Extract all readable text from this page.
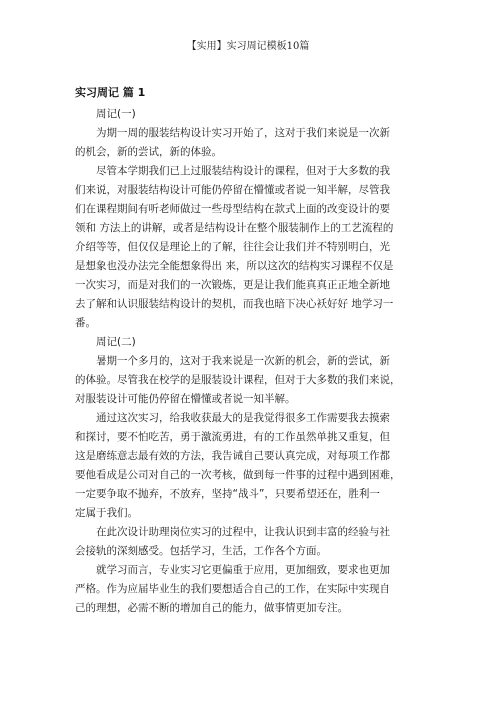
【实用】实习周记模板10篇
实习周记 篇 1
周记(一)
为期一周的服装结构设计实习开始了，这对于我们来说是一次新
的机会，新的尝试，新的体验。
尽管本学期我们已上过服装结构设计的课程，但对于大多数的我
们来说，对服装结构设计可能仍停留在懵懂或者说一知半解，尽管我
们在课程期间有听老师做过一些母型结构在款式上面的改变设计的要
领和 方法上的讲解，或者是结构设计在整个服装制作上的工艺流程的
介绍等等，但仅仅是理论上的了解，往往会让我们并不特别明白，光
是想象也没办法完全能想象得出 来，所以这次的结构实习课程不仅是
一次实习，而是对我们的一次锻炼，更是让我们能真真正正地全新地
去了解和认识服装结构设计的契机，而我也暗下决心袄好好 地学习一
番。
周记(二)
暑期一个多月的，这对于我来说是一次新的机会，新的尝试，新
的体验。尽管我在校学的是服装设计课程，但对于大多数的我们来说，
对服装设计可能仍停留在懵懂或者说一知半解。
通过这次实习，给我收获最大的是我觉得很多工作需要我去摸索
和探讨，要不怕吃苦，勇于激流勇进，有的工作虽然单挑又重复，但
这是磨练意志最有效的方法，我告诫自己要认真完成，对每项工作都
要他看成是公司对自己的一次考核，做到每一件事的过程中遇到困难，
一定要争取不抛弃，不放弃，坚持“战斗”，只要希望还在，胜利一
定属于我们。
在此次设计助理岗位实习的过程中，让我认识到丰富的经验与社
会接轨的深刻感受。包括学习，生活，工作各个方面。
就学习而言，专业实习它更偏重于应用，更加细致，要求也更加
严格。作为应届毕业生的我们要想适合自己的工作，在实际中实现自
己的理想，必需不断的增加自己的能力，做事情更加专注。
